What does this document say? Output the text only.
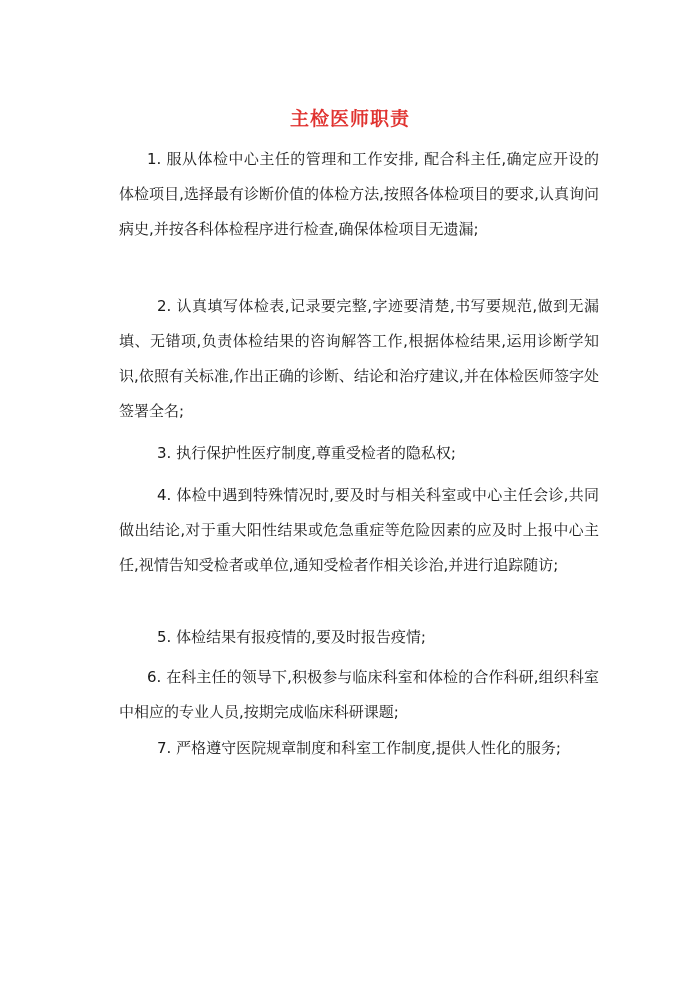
主检医师职责
1. 服从体检中心主任的管理和工作安排, 配合科主任,确定应开设的体检项目,选择最有诊断价值的体检方法,按照各体检项目的要求,认真询问病史,并按各科体检程序进行检查,确保体检项目无遗漏;
2. 认真填写体检表,记录要完整,字迹要清楚,书写要规范,做到无漏填、无错项,负责体检结果的咨询解答工作,根据体检结果,运用诊断学知识,依照有关标准,作出正确的诊断、结论和治疗建议,并在体检医师签字处签署全名;
3. 执行保护性医疗制度,尊重受检者的隐私权;
4. 体检中遇到特殊情况时,要及时与相关科室或中心主任会诊,共同做出结论,对于重大阳性结果或危急重症等危险因素的应及时上报中心主任,视情告知受检者或单位,通知受检者作相关诊治,并进行追踪随访;
5. 体检结果有报疫情的,要及时报告疫情;
6. 在科主任的领导下,积极参与临床科室和体检的合作科研,组织科室中相应的专业人员,按期完成临床科研课题;
7. 严格遵守医院规章制度和科室工作制度,提供人性化的服务;
